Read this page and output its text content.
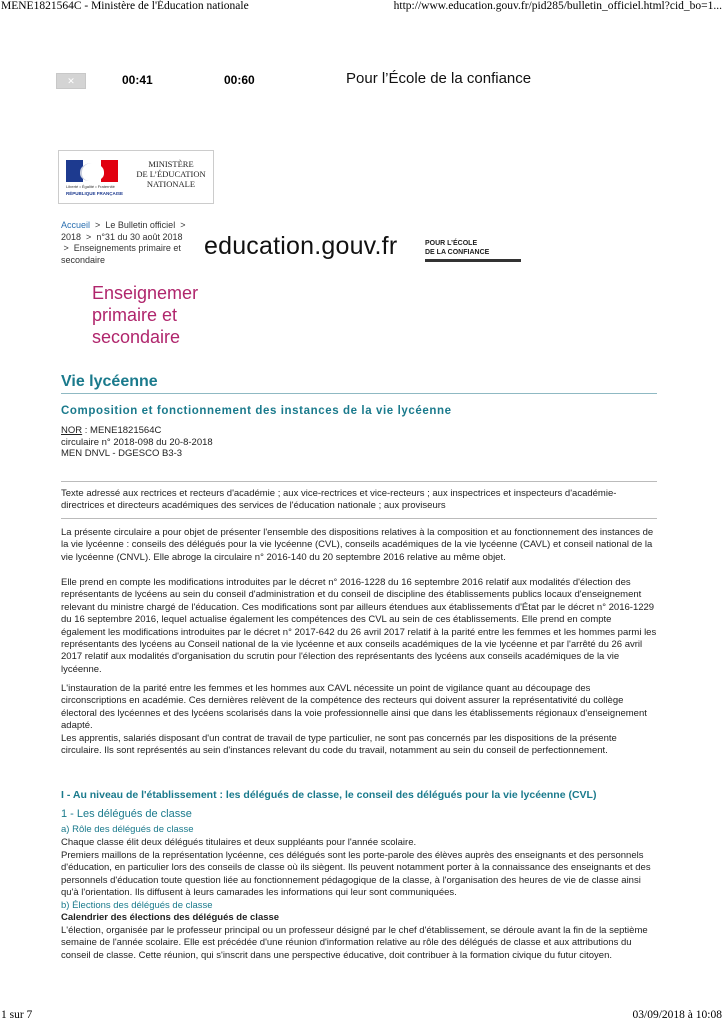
MENE1821564C - Ministère de l'Éducation nationale	http://www.education.gouv.fr/pid285/bulletin_officiel.html?cid_bo=1...
✕	00:41	00:60	Pour l’École de la confiance
Liberté • Égalité • Fraternité
RÉPUBLIQUE FRANÇAISE
MINISTÈRE
DE L’ÉDUCATION
NATIONALE
Accueil > Le Bulletin officiel >
2018 > n°31 du 30 août 2018
> Enseignements primaire et secondaire	education.gouv.fr	POUR L’ÉCOLE
DE LA CONFIANCE
Enseignemer
primaire et
secondaire
Vie lycéenne
Composition et fonctionnement des instances de la vie lycéenne
NOR : MENE1821564C
circulaire n° 2018-098 du 20-8-2018
MEN DNVL - DGESCO B3-3
Texte adressé aux rectrices et recteurs d'académie ; aux vice-rectrices et vice-recteurs ; aux inspectrices et inspecteurs d'académie-directrices et directeurs académiques des services de l'éducation nationale ; aux proviseurs
La présente circulaire a pour objet de présenter l'ensemble des dispositions relatives à la composition et au fonctionnement des instances de la vie lycéenne : conseils des délégués pour la vie lycéenne (CVL), conseils académiques de la vie lycéenne (CAVL) et conseil national de la vie lycéenne (CNVL). Elle abroge la circulaire n° 2016-140 du 20 septembre 2016 relative au même objet.
Elle prend en compte les modifications introduites par le décret n° 2016-1228 du 16 septembre 2016 relatif aux modalités d'élection des représentants de lycéens au sein du conseil d'administration et du conseil de discipline des établissements publics locaux d'enseignement relevant du ministre chargé de l'éducation. Ces modifications sont par ailleurs étendues aux établissements d'État par le décret n° 2016-1229 du 16 septembre 2016, lequel actualise également les compétences des CVL au sein de ces établissements. Elle prend en compte également les modifications introduites par le décret n° 2017-642 du 26 avril 2017 relatif à la parité entre les femmes et les hommes parmi les représentants des lycéens au Conseil national de la vie lycéenne et aux conseils académiques de la vie lycéenne et par l'arrêté du 26 avril 2017 relatif aux modalités d'organisation du scrutin pour l'élection des représentants des lycéens aux conseils académiques de la vie lycéenne.
L'instauration de la parité entre les femmes et les hommes aux CAVL nécessite un point de vigilance quant au découpage des circonscriptions en académie. Ces dernières relèvent de la compétence des recteurs qui doivent assurer la représentativité du collège électoral des lycéennes et des lycéens scolarisés dans la voie professionnelle ainsi que dans les établissements régionaux d'enseignement adapté.
Les apprentis, salariés disposant d'un contrat de travail de type particulier, ne sont pas concernés par les dispositions de la présente circulaire. Ils sont représentés au sein d'instances relevant du code du travail, notamment au sein du conseil de perfectionnement.
I - Au niveau de l'établissement : les délégués de classe, le conseil des délégués pour la vie lycéenne (CVL)
1 - Les délégués de classe
a) Rôle des délégués de classe
Chaque classe élit deux délégués titulaires et deux suppléants pour l'année scolaire.
Premiers maillons de la représentation lycéenne, ces délégués sont les porte-parole des élèves auprès des enseignants et des personnels d'éducation, en particulier lors des conseils de classe où ils siègent. Ils peuvent notamment porter à la connaissance des enseignants et des personnels d'éducation toute question liée au fonctionnement pédagogique de la classe, à l'organisation des heures de vie de classe ainsi qu'à l'orientation. Ils diffusent à leurs camarades les informations qui leur sont communiquées.
b) Élections des délégués de classe
Calendrier des élections des délégués de classe
L'élection, organisée par le professeur principal ou un professeur désigné par le chef d'établissement, se déroule avant la fin de la septième semaine de l'année scolaire. Elle est précédée d'une réunion d'information relative au rôle des délégués de classe et aux attributions du conseil de classe. Cette réunion, qui s'inscrit dans une perspective éducative, doit contribuer à la formation civique du futur citoyen.
1 sur 7	03/09/2018 à 10:08
